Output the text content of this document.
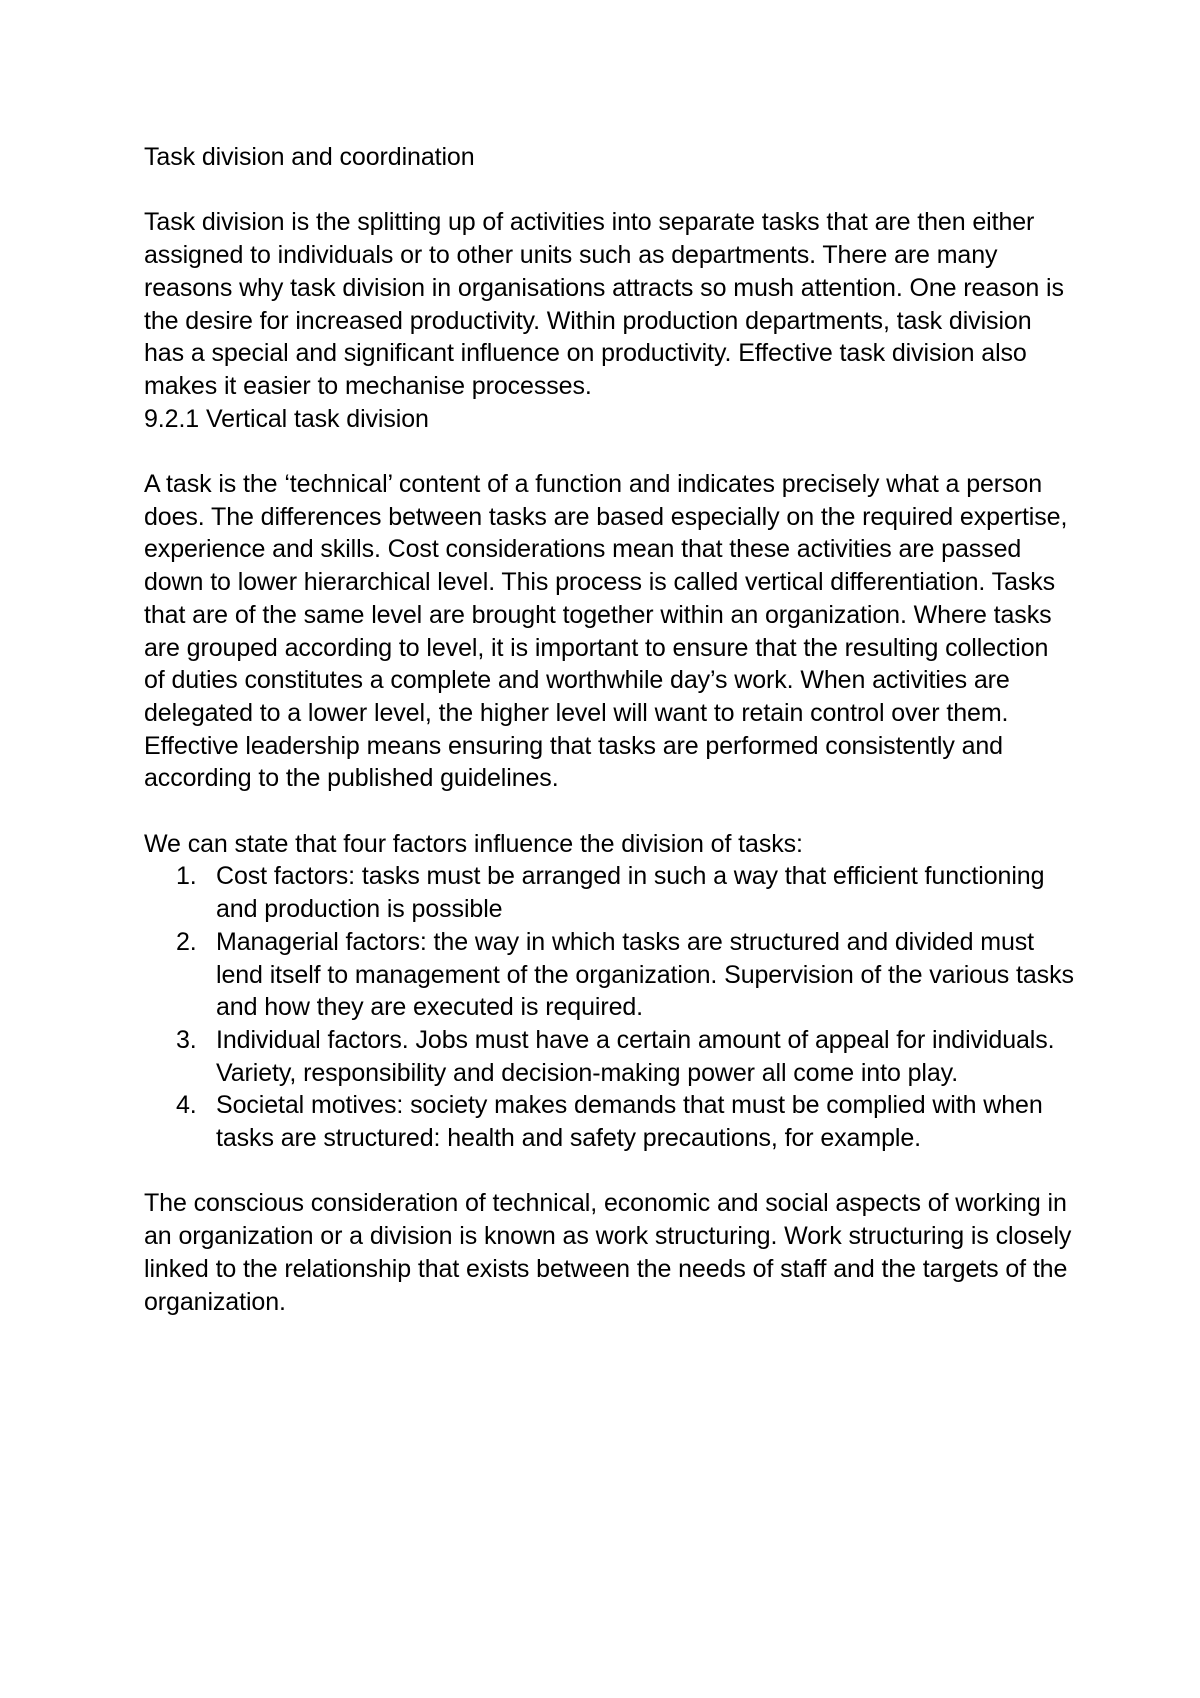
Task division and coordination

Task division is the splitting up of activities into separate tasks that are then either assigned to individuals or to other units such as departments. There are many reasons why task division in organisations attracts so mush attention. One reason is the desire for increased productivity. Within production departments, task division has a special and significant influence on productivity. Effective task division also makes it easier to mechanise processes.

9.2.1 Vertical task division

A task is the ‘technical’ content of a function and indicates precisely what a person does. The differences between tasks are based especially on the required expertise, experience and skills. Cost considerations mean that these activities are passed down to lower hierarchical level. This process is called vertical differentiation. Tasks that are of the same level are brought together within an organization. Where tasks are grouped according to level, it is important to ensure that the resulting collection of duties constitutes a complete and worthwhile day’s work. When activities are delegated to a lower level, the higher level will want to retain control over them.

Effective leadership means ensuring that tasks are performed consistently and according to the published guidelines.

We can state that four factors influence the division of tasks:

1. Cost factors: tasks must be arranged in such a way that efficient functioning and production is possible
2. Managerial factors: the way in which tasks are structured and divided must lend itself to management of the organization. Supervision of the various tasks and how they are executed is required.
3. Individual factors. Jobs must have a certain amount of appeal for individuals. Variety, responsibility and decision-making power all come into play.
4. Societal motives: society makes demands that must be complied with when tasks are structured: health and safety precautions, for example.

The conscious consideration of technical, economic and social aspects of working in an organization or a division is known as work structuring. Work structuring is closely linked to the relationship that exists between the needs of staff and the targets of the organization.
